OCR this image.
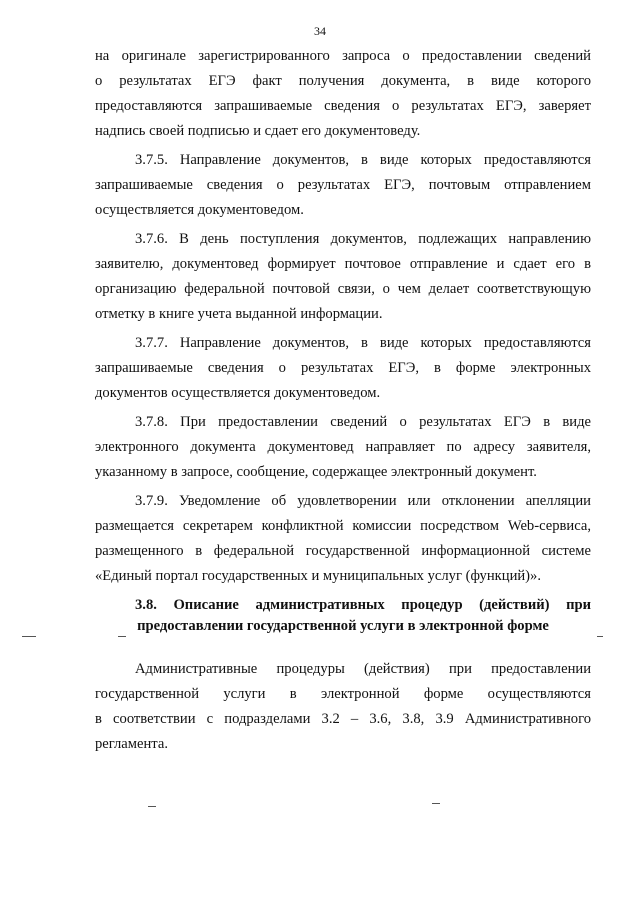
34

на оригинале зарегистрированного запроса о предоставлении сведений
о результатах ЕГЭ факт получения документа, в виде которого
предоставляются запрашиваемые сведения о результатах ЕГЭ, заверяет
надпись своей подписью и сдает его документоведу.

3.7.5. Направление документов, в виде которых предоставляются
запрашиваемые сведения о результатах ЕГЭ, почтовым отправлением
осуществляется документоведом.

3.7.6. В день поступления документов, подлежащих направлению
заявителю, документовед формирует почтовое отправление и сдает его в
организацию федеральной почтовой связи, о чем делает соответствующую
отметку в книге учета выданной информации.

3.7.7. Направление документов, в виде которых предоставляются
запрашиваемые сведения о результатах ЕГЭ, в форме электронных
документов осуществляется документоведом.

3.7.8. При предоставлении сведений о результатах ЕГЭ в виде
электронного документа документовед направляет по адресу заявителя,
указанному в запросе, сообщение, содержащее электронный документ.

3.7.9. Уведомление об удовлетворении или отклонении апелляции
размещается секретарем конфликтной комиссии посредством Web-сервиса,
размещенного в федеральной государственной информационной системе
«Единый портал государственных и муниципальных услуг (функций)».

3.8. Описание административных процедур (действий) при
предоставлении государственной услуги в электронной форме

Административные процедуры (действия) при предоставлении
государственной услуги в электронной форме осуществляются
в соответствии с подразделами 3.2 – 3.6, 3.8, 3.9 Административного
регламента.
